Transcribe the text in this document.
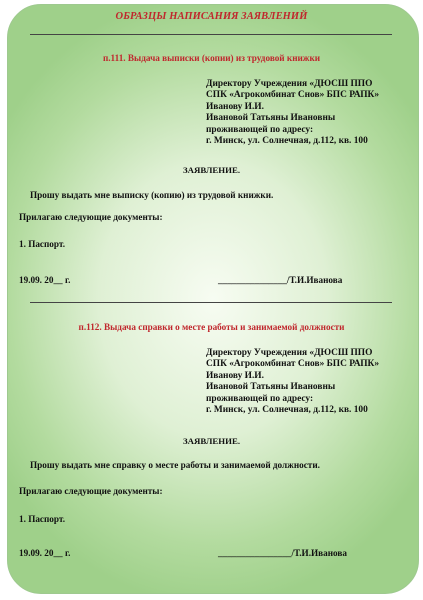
ОБРАЗЦЫ НАПИСАНИЯ ЗАЯВЛЕНИЙ
п.111. Выдача выписки (копии) из трудовой книжки
Директору Учреждения «ДЮСШ ППО
СПК «Агрокомбинат Снов» БПС РАПК»
Иванову И.И.
Ивановой Татьяны Ивановны
проживающей по адресу:
г. Минск, ул. Солнечная, д.112, кв. 100
ЗАЯВЛЕНИЕ.
Прошу выдать мне выписку (копию) из трудовой книжки.
Прилагаю следующие документы:
1. Паспорт.
19.09. 20__ г.	_______________/Т.И.Иванова
п.112. Выдача справки о месте работы и занимаемой должности
Директору Учреждения «ДЮСШ ППО
СПК «Агрокомбинат Снов» БПС РАПК»
Иванову И.И.
Ивановой Татьяны Ивановны
проживающей по адресу:
г. Минск, ул. Солнечная, д.112, кв. 100
ЗАЯВЛЕНИЕ.
Прошу выдать мне справку о месте работы и занимаемой должности.
Прилагаю следующие документы:
1. Паспорт.
19.09. 20__ г.	________________/Т.И.Иванова
